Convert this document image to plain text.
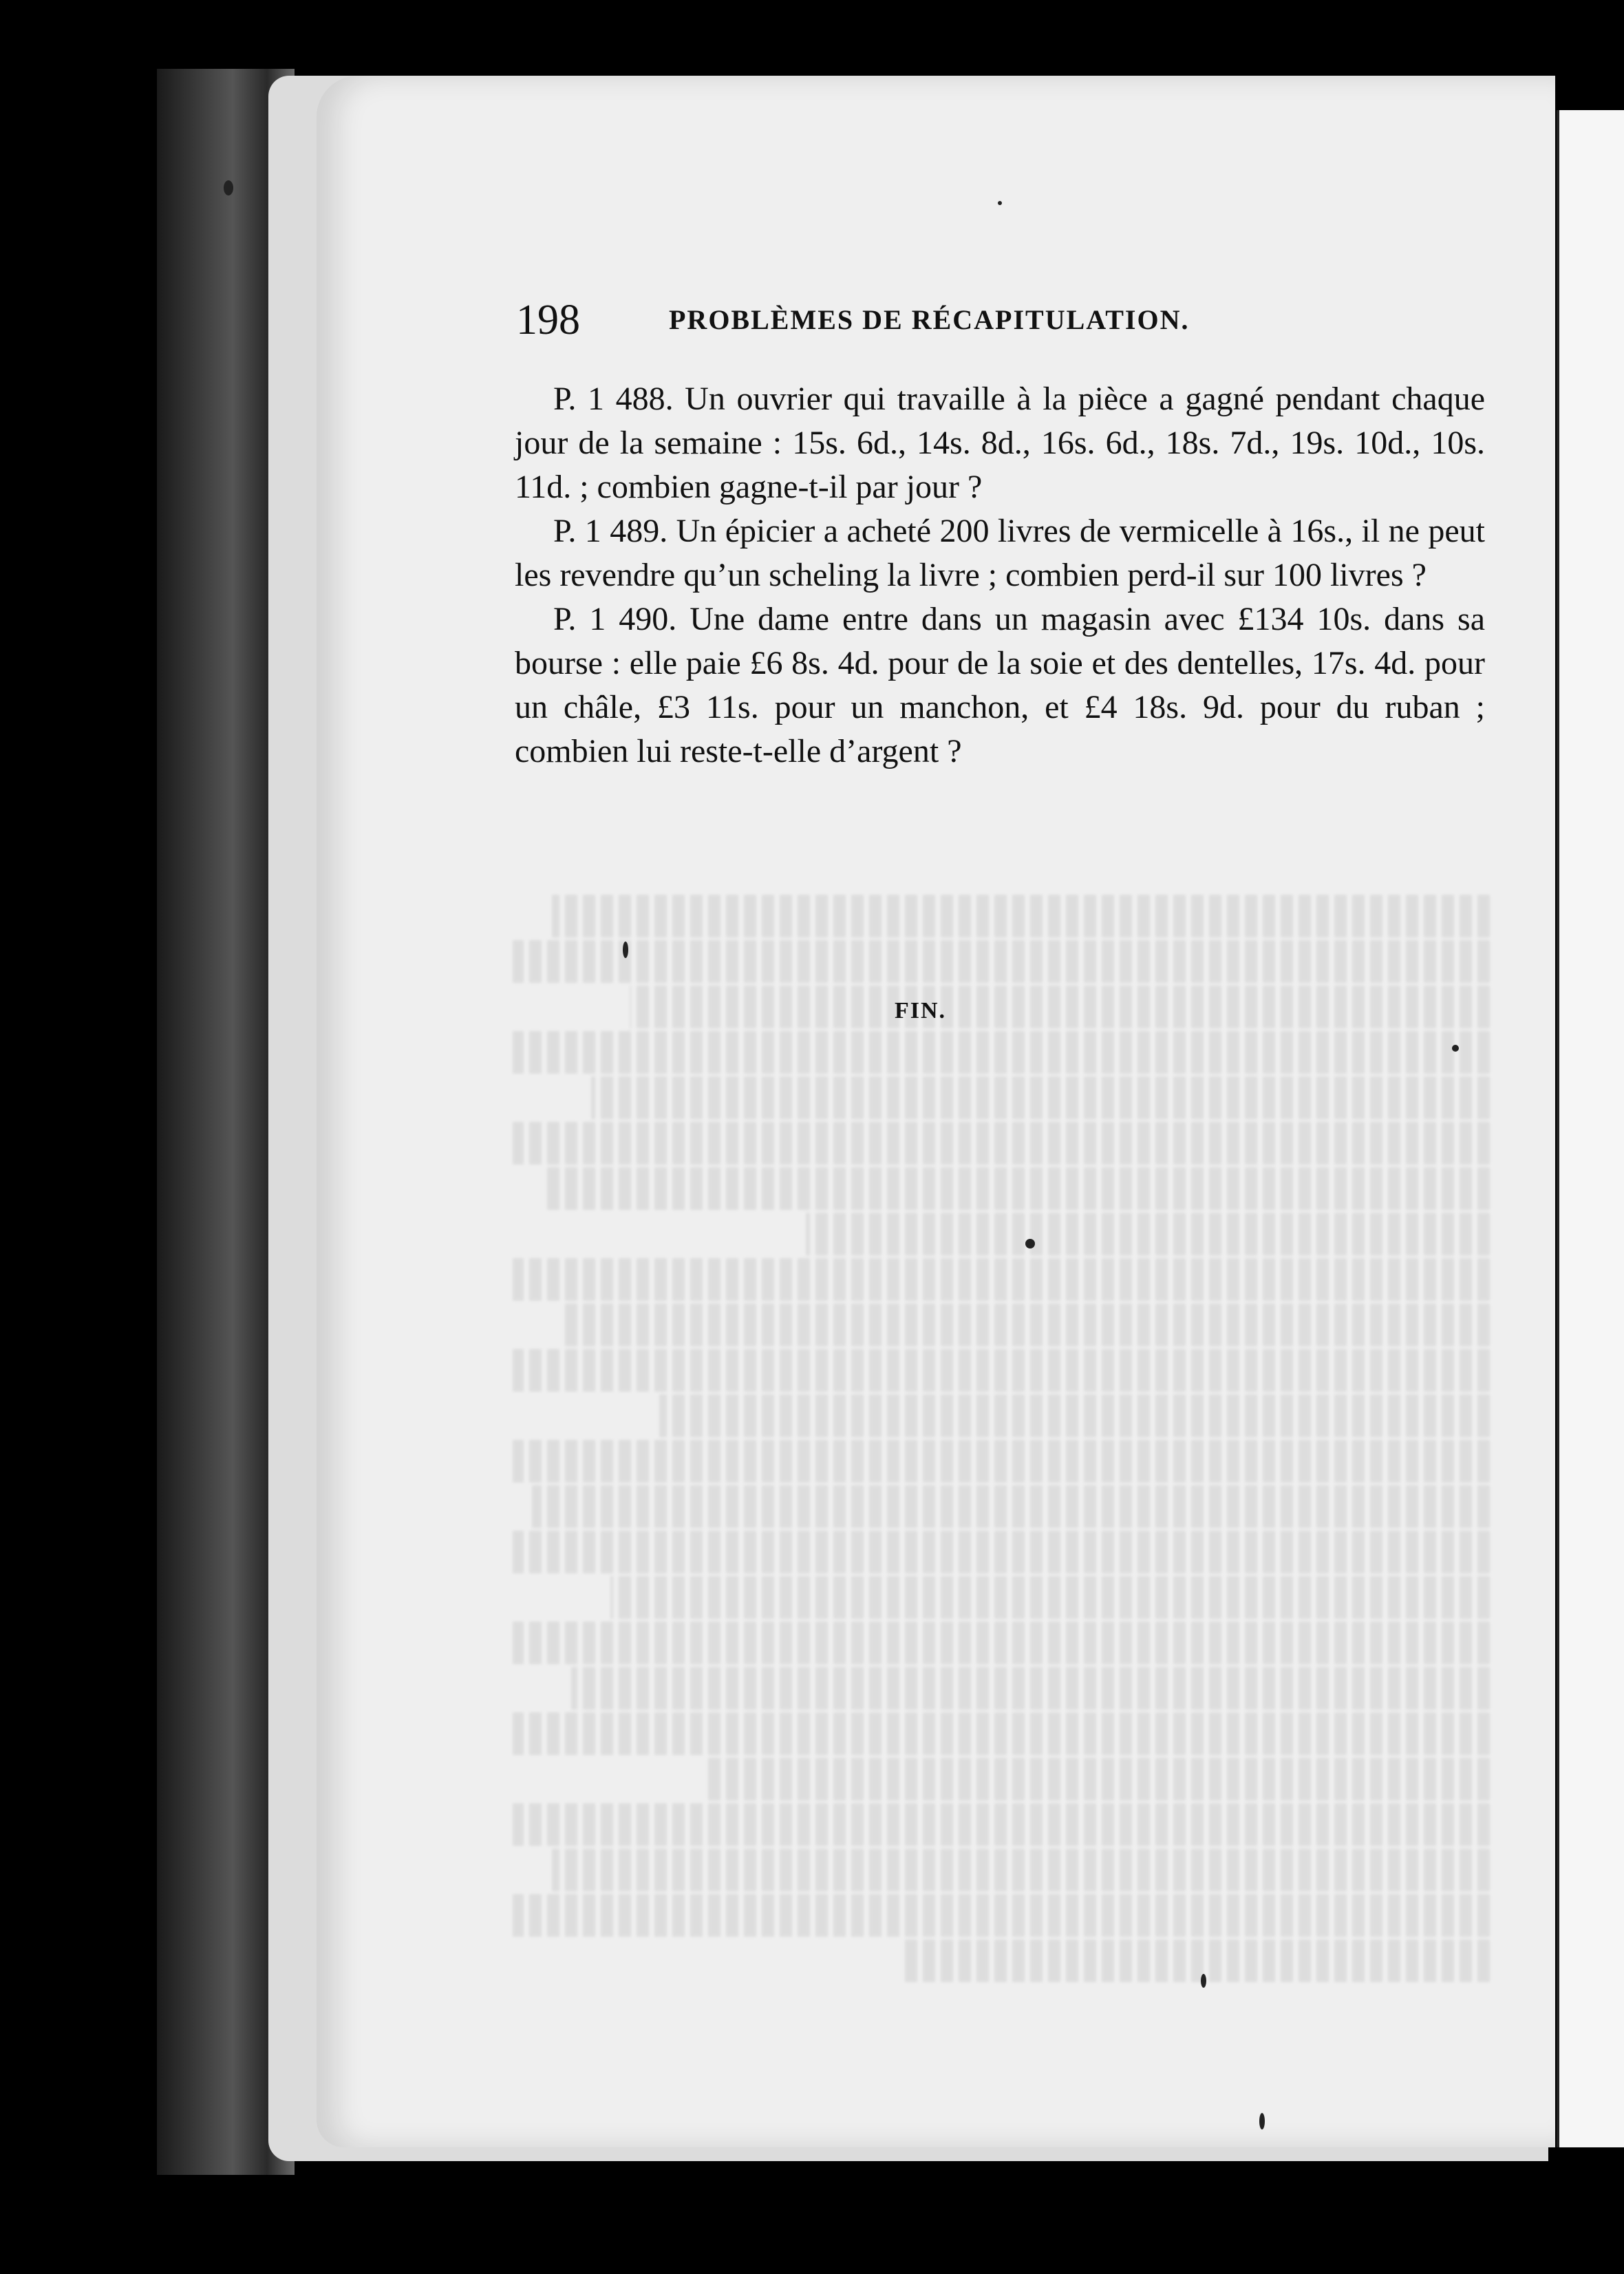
198	PROBLÈMES DE RÉCAPITULATION.

P. 1 488. Un ouvrier qui travaille à la pièce a gagné pendant chaque jour de la semaine : 15s. 6d., 14s. 8d., 16s. 6d., 18s. 7d., 19s. 10d., 10s. 11d. ; combien gagne-t-il par jour ?

P. 1 489. Un épicier a acheté 200 livres de vermicelle à 16s., il ne peut les revendre qu’un scheling la livre ; combien perd-il sur 100 livres ?

P. 1 490. Une dame entre dans un magasin avec £134 10s. dans sa bourse : elle paie £6 8s. 4d. pour de la soie et des dentelles, 17s. 4d. pour un châle, £3 11s. pour un manchon, et £4 18s. 9d. pour du ruban ; combien lui reste-t-elle d’argent ?

FIN.
